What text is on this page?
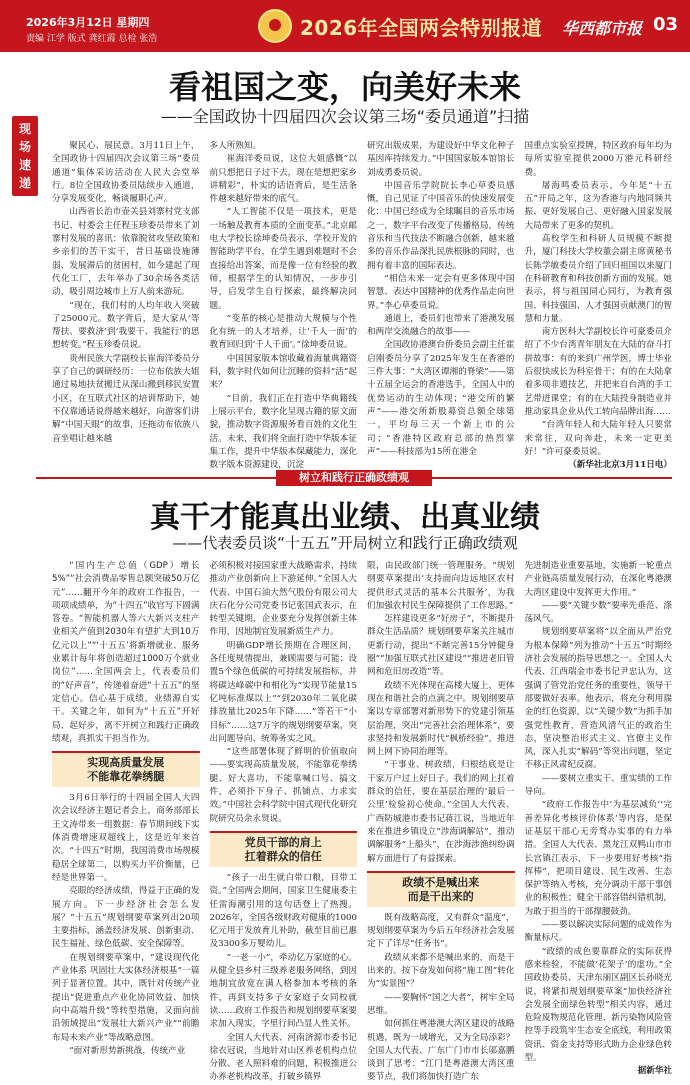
2026年3月12日 星期四
责编 江学 版式 龚红霞 总检 张浩	2026年全国两会特别报道 华西都市报 03
现
场
速
递
看祖国之变，向美好未来
——全国政协十四届四次会议第三场“委员通道”扫描

聚民心、展民意。3月11日上午，全国政协十四届四次会议第三场“委员通道”集体采访活动在人民大会堂举行。8位全国政协委员陆续步入通道，分享发展变化，畅谈履职心声。

山西省长治市壶关县刘寨村党支部书记、村委会主任程玉珍委员带来了刘寨村发展的喜讯：依靠脱贫攻坚政策和乡亲们的苦干实干，昔日基础设施薄弱、发展滞后的贫困村，如今建起了现代化工厂，去年举办了30余场各类活动，吸引周边城市上万人前来游玩。

“现在，我们村的人均年收入突破了25000元。数字背后，是大家从‘等帮扶、要救济’到‘我要干、我能行’的思想转变。”程玉珍委员说。

贵州民族大学副校长崔海洋委员分享了自己的调研经历：一位布依族大姐通过易地扶贫搬迁从深山搬到移民安置小区，在互联式社区的培训帮助下，她不仅靠通话说得越来越好，向游客们讲解“中国天眼”的故事，还拖动布依族八音坐唱让越来越

多人所熟知。

崔海洋委员说，这位大姐感慨“以前只想把日子过下去，现在是想把家乡讲精彩”，朴实的话语背后，是生活条件越来越好带来的底气。

“人工智能不仅是一项技术，更是一场触及教育本质的全面变革。”北京邮电大学校长徐坤委员表示，学校开发的智能助学平台，在学生遇到难题时不会直接给出答案，而是像一位有经验的教师，根据学生的认知情况，一步步引导，启发学生自行探索，最终解决问题。

“变革的核心是推动大规模与个性化有统一的人才培养，让‘千人一面’的教育回归到‘千人千面’。”徐坤委员说。

中国国家版本馆收藏着海量典籍资料，数字时代如何让沉睡的资料“活”起来？

“目前，我们正在打造中华典籍线上展示平台，数字化呈现古籍的原文面貌，推动数字资源服务看百姓的文化生活。未来，我们将全面打造中华版本征集工作，提升中华版本保藏能力，深化数字版本资源建设，沉淀

研究出版成果，为建设好中华文化种子基因库持续发力。”中国国家版本馆馆长刘成勇委员说。

中国音乐学院院长李心草委员感慨，自己见证了中国音乐的快速发展变化：中国已经成为全球瞩目的音乐市场之一，数字平台改变了传播格局，传统音乐和当代技法不断融合创新，越来越多的音乐作品深扎民族根脉的同时，也拥有着丰富的国际表达。

“相信未来一定会有更多体现中国智慧、表达中国精神的优秀作品走向世界。”李心草委员说。

通道上，委员们也带来了港澳发展和两岸交流融合的故事——

全国政协港澳台侨委员会副主任霍启刚委员分享了2025年发生在香港的三件大事：“大湾区谭湘的脊梁”——第十五届全运会的香港选手，全国人中的优势运动的生动体现；“港交所的繁声”——港交所新股募资总额全球第一，平均每三天一个新上市的公司；“香港特区政府总部的热烈掌声”——科技部为15所在港全

国重点实验室授牌，特区政府每年均为每所实验室提供2000万港元科研经费。

屠海鸣委员表示，今年是“十五五”开局之年，这为香港与内地同频共振、更好发展自己、更好融入国家发展大局带来了更多的契机。

高校学生和科研人员规模不断提升，厦门科技大学校董会副主席黄秘书长陈学敏委员介绍了回归祖国以来厦门在科研教育和科技创新方面的发展。她表示，将与祖国同心同行，为教育强国、科技强国、人才强国贡献澳门的智慧和力量。

南方医科大学副校长许可豪委员介绍了不少台湾青年朋友在大陆的奋斗打拼故事：有的来到广州学医，博士毕业后很快成长为科室骨干；有的在大陆拿着多项非遗技艺，并把来自台湾的手工艺带进课堂；有的在大陆投身制造业并推动家具企业从代工转向品牌出海……

“台湾年轻人和大陆年轻人只要常来常往，双向奔赴，未来一定更美好！”许可豪委员说。

（新华社北京3月11日电）

树立和践行正确政绩观
真干才能真出业绩、出真业绩
——代表委员谈“十五五”开局树立和践行正确政绩观

“国内生产总值（GDP）增长5%”“社会消费品零售总额突破50万亿元”……翻开今年的政府工作报告，一项项成绩单，为“十四五”收官写下圆满答卷。“智能机器人等六大新兴支柱产业相关产值到2030年有望扩大到10万亿元以上”“‘十五五’将新增就业、服务业累计每年将创造超过1000万个就业岗位”……全国两会上，代表委员们的“好声音”，传递着奋进“十五五”的坚定信心。信心基于成绩，业绩源自实干。关键之年，如何为“十五五”开好局、起好步，离不开树立和践行正确政绩观，真抓实干担当作为。

实现高质量发展
不能靠花拳绣腿

3月6日举行的十四届全国人大四次会议经济主题记者会上，商务部部长王文涛带来一组数据：春节期间线下实体消费增速双超线上，这是近年来首次。“十四五”时期，我国消费市场规模稳居全球第二，以购买力平价衡量，已经是世界第一。

亮眼的经济成绩，得益于正确的发展方向。下一步经济社会怎么发展？“十五五”规划纲要草案列出20项主要指标，涵盖经济发展、创新驱动、民生福祉、绿色低碳、安全保障等。

在规划纲要草案中，“建设现代化产业体系 巩固壮大实体经济根基”一篇列于显著位置。其中，既针对传统产业提出“促进重点产业化协同效益、加快向中高端升级”等转型措施，又面向前沿领域提出“发展壮大新兴产业”“前瞻布局未来产业”等战略意图。

“面对新形势新挑战，传统产业

必须积极对接国家重大战略需求，持续推动产业创新向上下游延伸。”全国人大代表、中国石油大然气股份有限公司大庆石化分公司党委书记张国武表示，在转型关键期，企业要充分发挥创新主体作用，因地制宜发展新质生产力。

明确GDP增长预期在合理区间，各任度规情提出，兼顾需要与可能；设置5个绿色低碳的可持续发展指标，并将碳达峰碳中和相化为“实现节能量15亿吨标准煤以上”“到2030年二氧化碳排放量比2025年下降……”等若干“小目标”……这7万字的规划纲要草案，突出问题导向、统筹务实之风。

“这些部署体现了鲜明的价值取向——要实现高质量发展，不能靠花拳绣腿、好大喜功，不能靠喊口号、搞文件，必须扑下身子、抓铺点、力求实效。”中国社会科学院中国式现代化研究院研究员余永贤说。

党员干部的肩上
扛着群众的信任

“孩子一出生就白带口粮，目带工资。”全国两会期间，国家卫生健康委主任雷海潮引用的这句话登上了热搜。2026年，全国各级财政对健康的1000亿元用于发放育儿补助，截至目前已惠及3300多万婴幼儿。

“一老一小”，牵动亿万家庭的心。从健全县乡村三级养老服务网络，到因地制宜放宽在满人格参加本考核的条件，再到支持多子女家庭子女同校就读……政府工作报告和规划纲要草案要求加入现实，字里行间凸显人性关怀。

全国人大代表、河南济源市委书记徐衣冠说，当地针对山区养老机构点位分散、老人照料难的问题，积极推进公办养老机构改革，打破乡镇界

限，由民政部门统一管理服务。“规划纲要草案提出‘支持面向边远地区农村提供形式灵活的基本公共服务’，为我们加强农村民生保障提供了工作思路。”

怎样建设更多“好房子”，不断提升群众生活品质？规划纲要草案关注城市更新行动，提出“不断完善15分钟健身圈”“加强互联式社区建设”“推进老旧管网和危旧房改造”等。

政绩不光体现在高楼大厦上，更体现在和谐社会的点滴之中。规划纲要草案以专章部署对新形势下的党建引领基层治理，突出“完善社会治理体系”，要求坚持和发展新时代“枫桥经验”，推进网上网下协同治理等。

“干事业、树政绩，归根结底是让干家万户过上好日子。我们的网上扛着群众的信任，要在基层治理的‘最后一公里’检验初心使命。”全国人大代表、广西防城港市委书记蒋江说，当地近年来在推进乡镇设立“涉海调解站”，推动调解服务“上船头”，在涉海涉渔纠纷调解方面进行了有益探索。

政绩不是喊出来
而是干出来的

既有战略高度，又有群众“温度”，规划纲要草案为今后五年经济社会发展定下了详尽“任务书”。

政绩从来都不是喊出来的，而是干出来的。按下奋发如何将“施工图”转化为“实景图”？

——要胸怀“国之大者”，树牢全局思维。

如何抓住粤港澳大湾区建设的战略机遇，既为一域增光，又为全局添彩？全国人大代表、广东广门市市长邬嘉鹏谈到了思考：“江门是粤港澳大湾区重要节点，我们将加快打造广东

先进制造业重要基地，实施新一轮重点产业链高质量发展行动，在深化粤港澳大湾区建设中发挥更大作用。”

——要“关键少数”要率先垂范、涤荡风气。

规划纲要草案将“以全面从严治党为根本保障”列为推动“十五五”时期经济社会发展的指导思想之一。全国人大代表、江西瑞金市委书记尹忠认为，这强调了管党治党任务的重要性，领导干部要做好表率。他表示，将充分利用瑞金的红色资源，以“关键少数”为抓手加强党性教育，营造风清气正的政治生态，坚决整治形式主义、官僚主义作风，深入扎实“解码”等突出问题，坚定不移正风肃纪反腐。

——要树立重实干、重实绩的工作导向。

“政府工作报告中‘为基层减负’‘完善差异化考核评价体系’等内容，是保证基层干部心无旁骛办实事的有力举措。全国人大代表、黑龙江双鸭山市市长宫镇江表示，下一步要用好考核“指挥棒”，把项目建设、民生改善、生态保护等纳入考核，充分调动干部干事创业的积极性；健全干部容错纠错机制，为敢于担当的干部撑腰鼓劲。

——要以解决实际问题的成效作为衡量标尺。

“政绩的成色要靠群众的实际获得感来检验，不能做‘花架子’的虚功。”全国政协委员、天津东丽区副区长孙晓光说，将紧扣规划纲要草案“加快经济社会发展全面绿色转型”相关内容，通过危险废物规范化管理、新污染物风险管控等手段筑牢生态安全底线，利用政策资讯、资金支持等形式助力企业绿色转型。

据新华社
